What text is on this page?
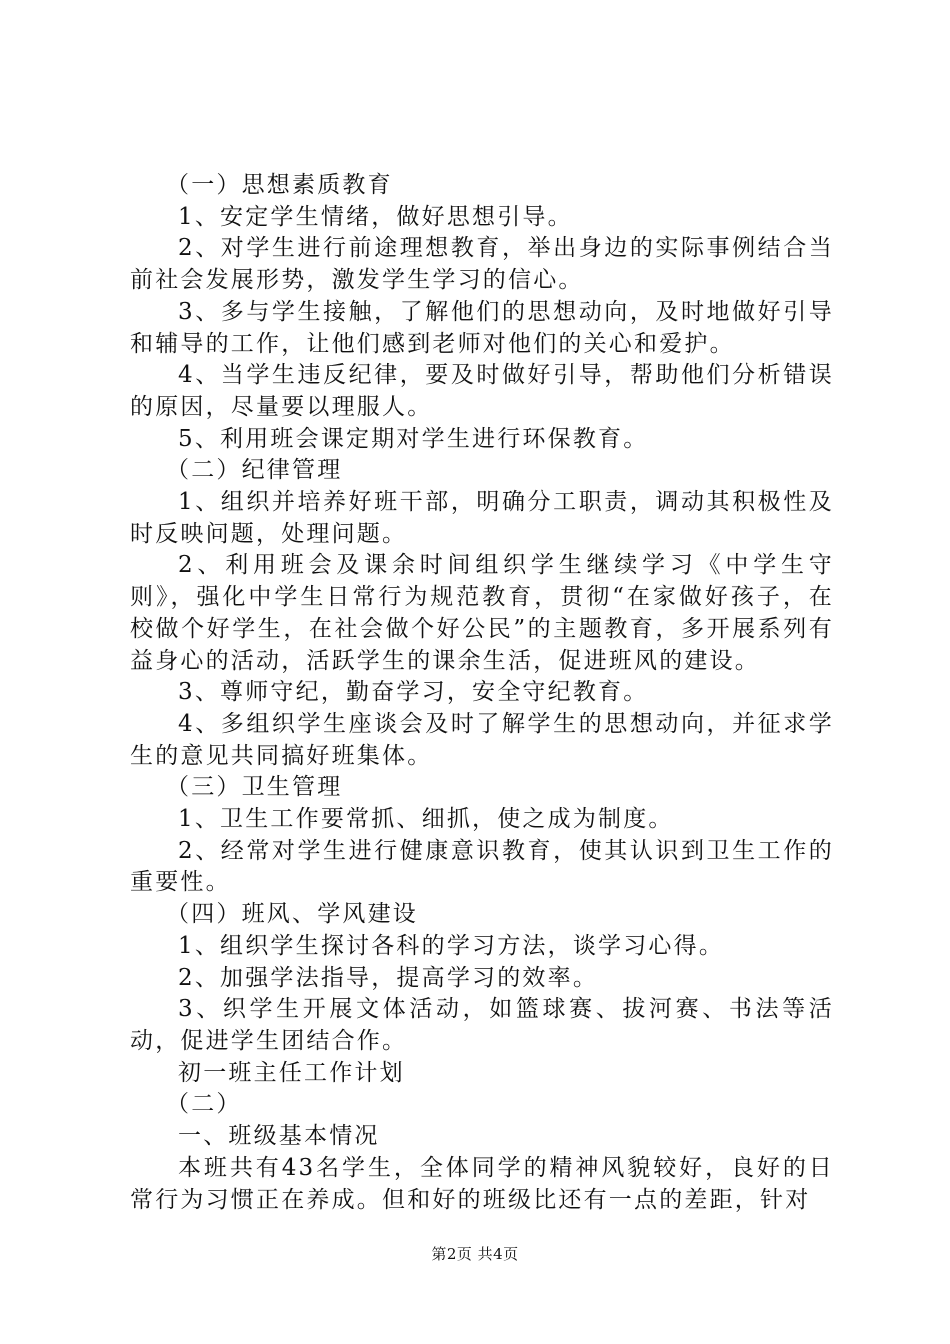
（一）思想素质教育

1、安定学生情绪，做好思想引导。

2、对学生进行前途理想教育，举出身边的实际事例结合当前社会发展形势，激发学生学习的信心。

3、多与学生接触，了解他们的思想动向，及时地做好引导和辅导的工作，让他们感到老师对他们的关心和爱护。

4、当学生违反纪律，要及时做好引导，帮助他们分析错误的原因，尽量要以理服人。

5、利用班会课定期对学生进行环保教育。

（二）纪律管理

1、组织并培养好班干部，明确分工职责，调动其积极性及时反映问题，处理问题。

2、利用班会及课余时间组织学生继续学习《中学生守则》，强化中学生日常行为规范教育，贯彻“在家做好孩子，在校做个好学生，在社会做个好公民”的主题教育，多开展系列有益身心的活动，活跃学生的课余生活，促进班风的建设。

3、尊师守纪，勤奋学习，安全守纪教育。

4、多组织学生座谈会及时了解学生的思想动向，并征求学生的意见共同搞好班集体。

（三）卫生管理

1、卫生工作要常抓、细抓，使之成为制度。

2、经常对学生进行健康意识教育，使其认识到卫生工作的重要性。

（四）班风、学风建设

1、组织学生探讨各科的学习方法，谈学习心得。

2、加强学法指导，提高学习的效率。

3、织学生开展文体活动，如篮球赛、拔河赛、书法等活动，促进学生团结合作。

初一班主任工作计划

（二）

一、班级基本情况

本班共有43名学生，全体同学的精神风貌较好，良好的日常行为习惯正在养成。但和好的班级比还有一点的差距，针对

第2页 共4页
